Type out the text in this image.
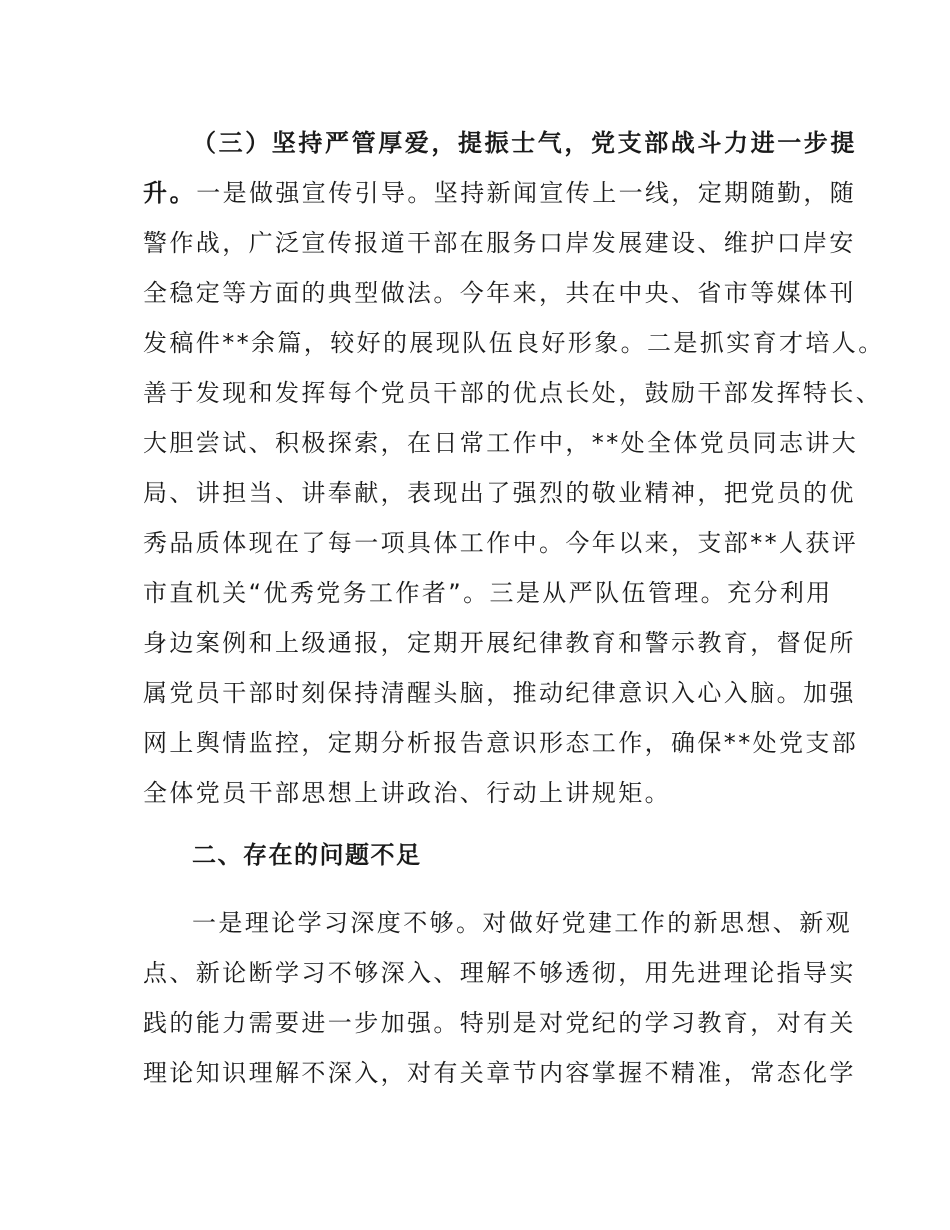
（三）坚持严管厚爱，提振士气，党支部战斗力进一步提
升。一是做强宣传引导。坚持新闻宣传上一线，定期随勤，随
警作战，广泛宣传报道干部在服务口岸发展建设、维护口岸安
全稳定等方面的典型做法。今年来，共在中央、省市等媒体刊
发稿件**余篇，较好的展现队伍良好形象。二是抓实育才培人。
善于发现和发挥每个党员干部的优点长处，鼓励干部发挥特长、
大胆尝试、积极探索，在日常工作中，**处全体党员同志讲大
局、讲担当、讲奉献，表现出了强烈的敬业精神，把党员的优
秀品质体现在了每一项具体工作中。今年以来，支部**人获评
市直机关“优秀党务工作者”。三是从严队伍管理。充分利用
身边案例和上级通报，定期开展纪律教育和警示教育，督促所
属党员干部时刻保持清醒头脑，推动纪律意识入心入脑。加强
网上舆情监控，定期分析报告意识形态工作，确保**处党支部
全体党员干部思想上讲政治、行动上讲规矩。
二、存在的问题不足
一是理论学习深度不够。对做好党建工作的新思想、新观
点、新论断学习不够深入、理解不够透彻，用先进理论指导实
践的能力需要进一步加强。特别是对党纪的学习教育，对有关
理论知识理解不深入，对有关章节内容掌握不精准，常态化学
